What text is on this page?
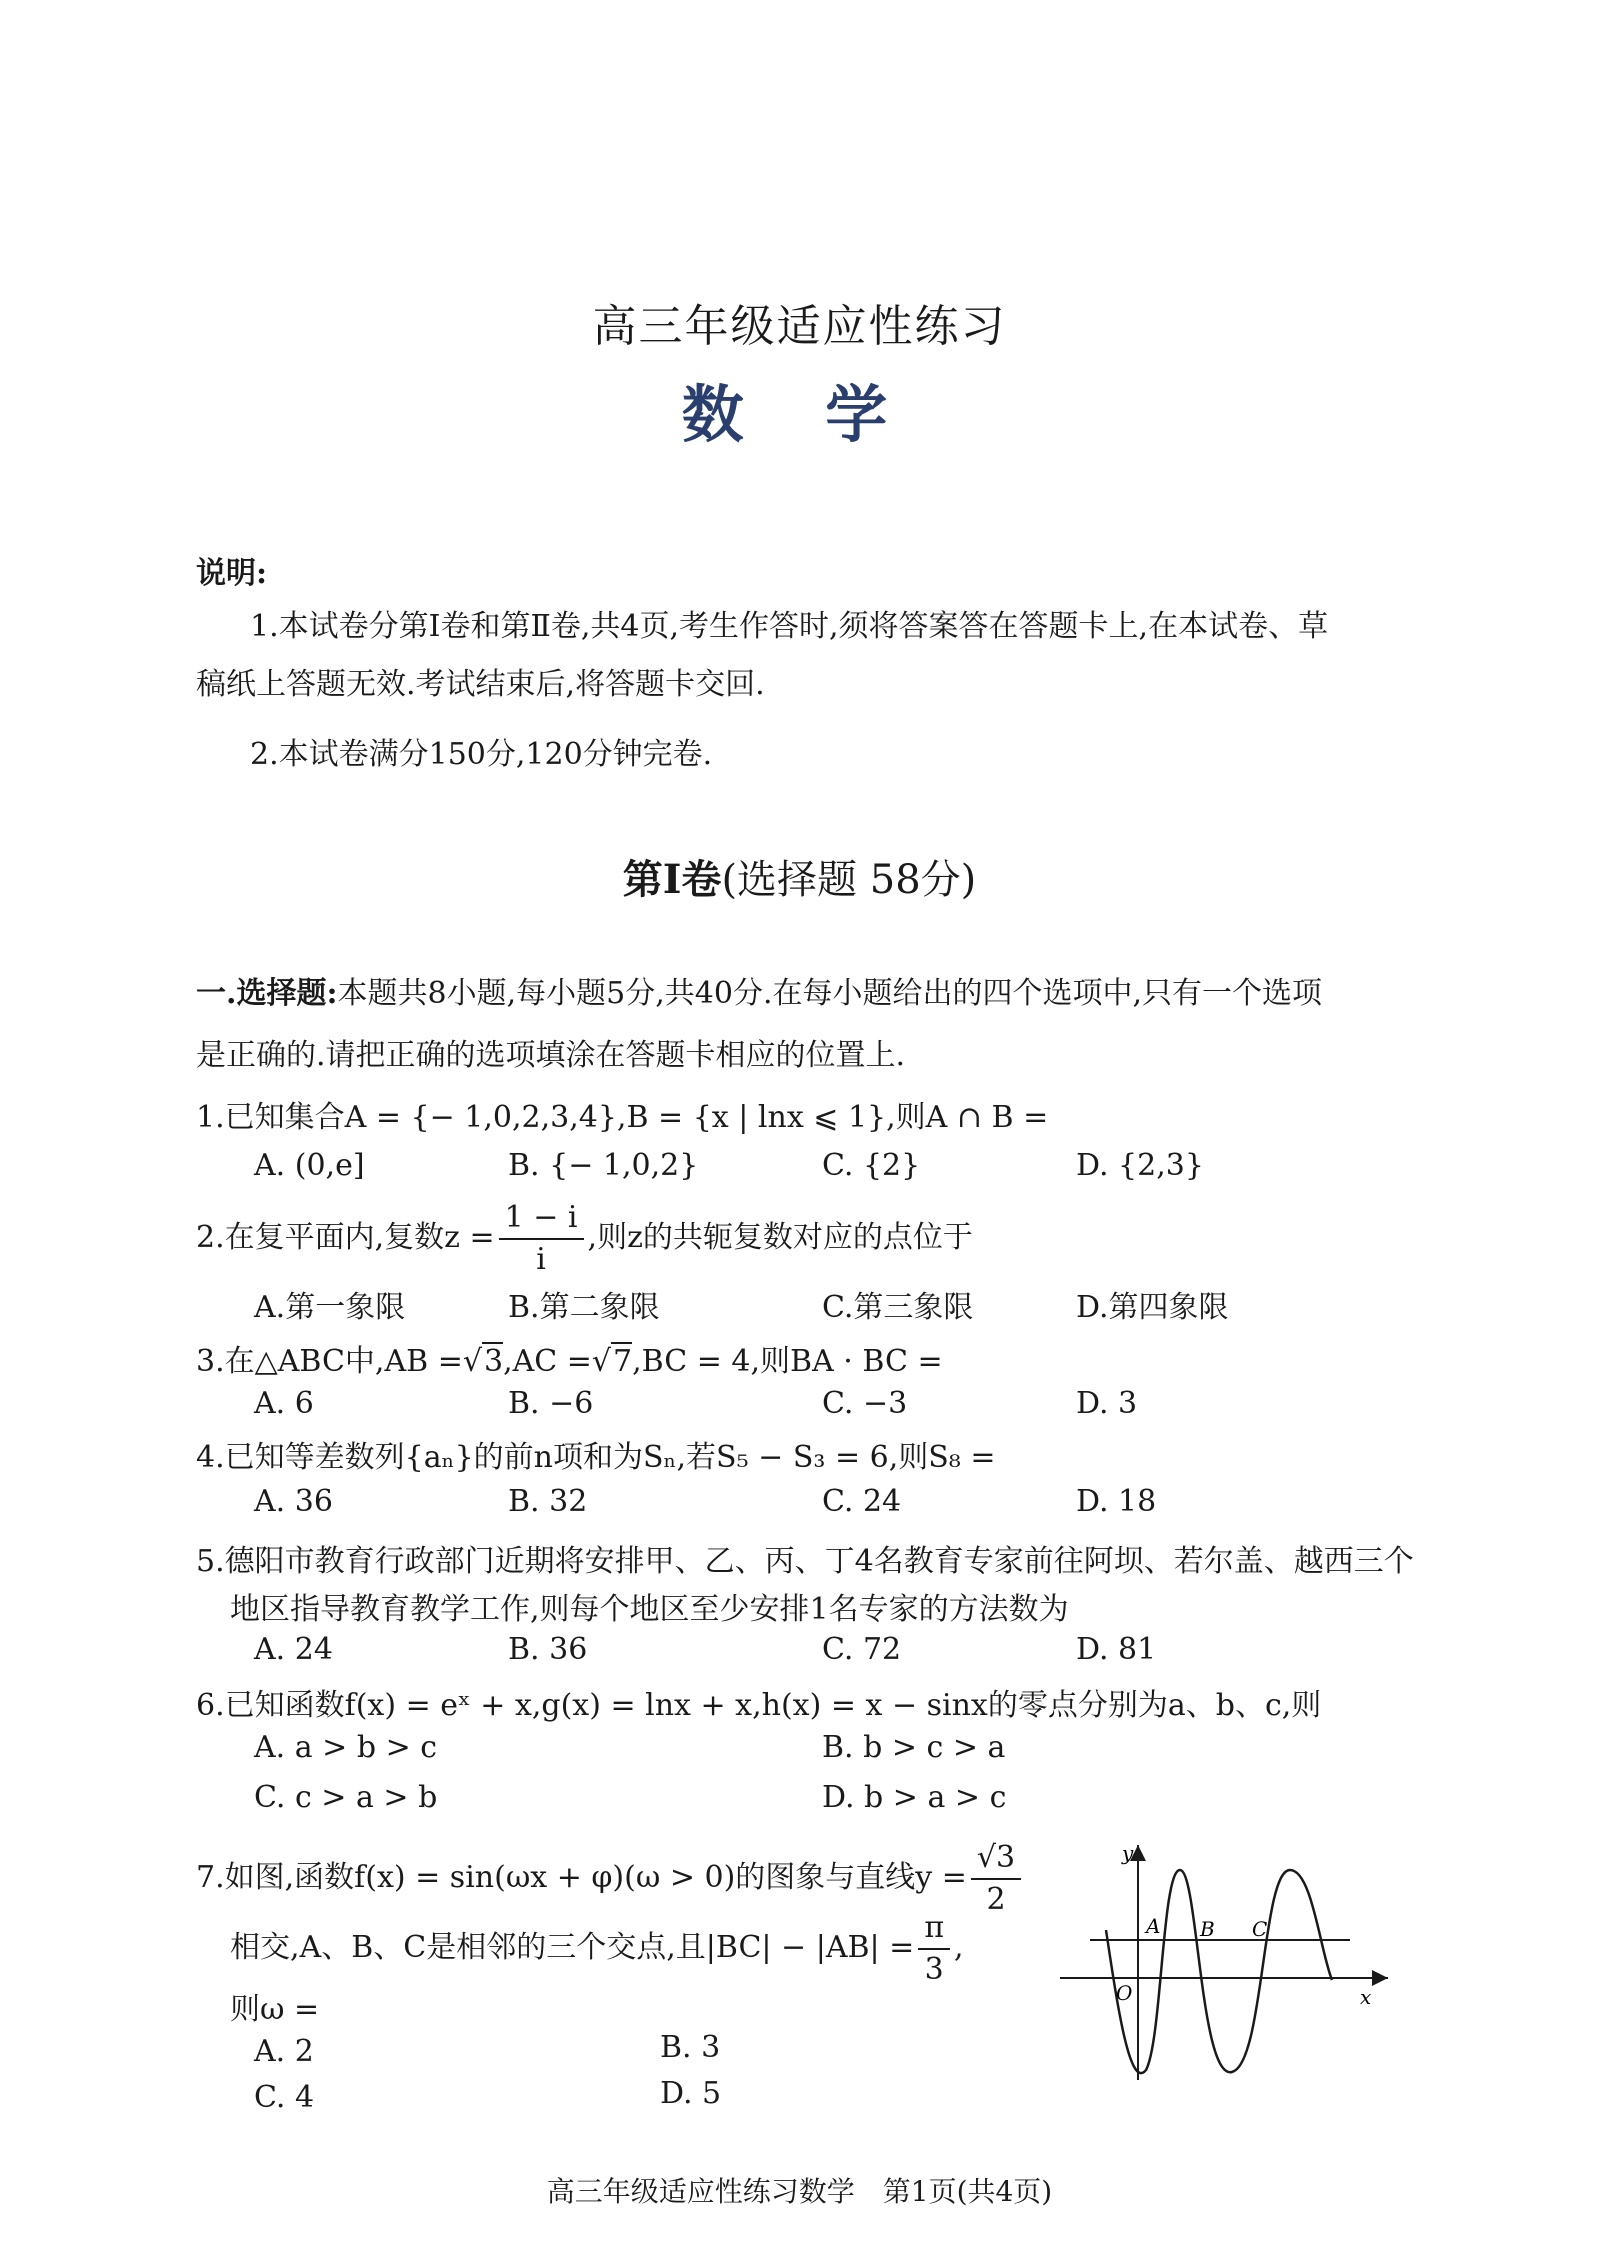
高三年级适应性练习
数 学
说明:
1.本试卷分第Ⅰ卷和第Ⅱ卷,共4页,考生作答时,须将答案答在答题卡上,在本试卷、草
稿纸上答题无效.考试结束后,将答题卡交回.
2.本试卷满分150分,120分钟完卷.
第I卷(选择题 58分)
一.选择题:本题共8小题,每小题5分,共40分.在每小题给出的四个选项中,只有一个选项
是正确的.请把正确的选项填涂在答题卡相应的位置上.
1.已知集合A = {− 1,0,2,3,4},B = {x | lnx ⩽ 1},则A ∩ B =
A. (0,e]	B. {− 1,0,2}	C. {2}	D. {2,3}
2.在复平面内,复数$z = \frac{1 - i}{i}$ ,则z的共轭复数对应的点位于
A.第一象限	B.第二象限	C.第三象限	D.第四象限
3.在△ABC中,AB =√3,AC =√7,BC = 4,则BA · BC =
A. 6	B. −6	C. −3	D. 3
4.已知等差数列{aₙ}的前n项和为Sₙ,若S₅ − S₃ = 6,则S₈ =
A. 36	B. 32	C. 24	D. 18
5.德阳市教育行政部门近期将安排甲、乙、丙、丁4名教育专家前往阿坝、若尔盖、越西三个
地区指导教育教学工作,则每个地区至少安排1名专家的方法数为
A. 24	B. 36	C. 72	D. 81
6.已知函数f(x) = eˣ + x,g(x) = lnx + x,h(x) = x − sinx的零点分别为a、b、c,则
A. a > b > c	B. b > c > a
C. c > a > b	D. b > a > c
7.如图,函数f(x) = sin(ωx + φ)(ω > 0)的图象与直线$y = \frac{√3}{2}$
相交,A、B、C是相邻的三个交点,且$|BC| - |AB| = \frac{\pi}{3}$ ,
则ω =
A. 2	B. 3
C. 4	D. 5
y
x
O
A B C
高三年级适应性练习数学　第1页(共4页)
